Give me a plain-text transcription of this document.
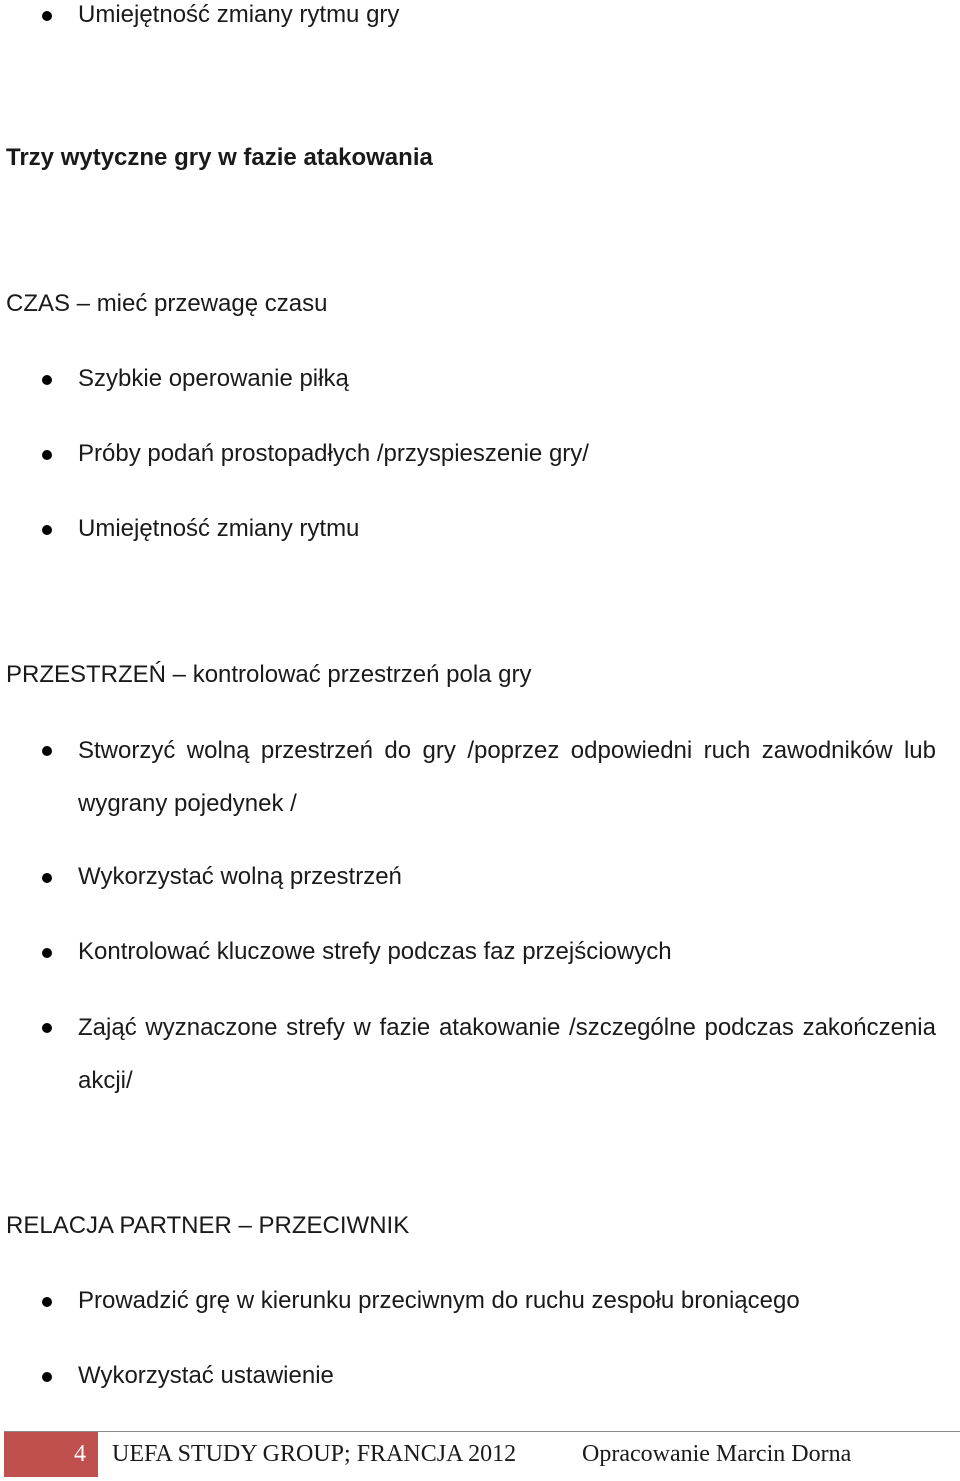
Umiejętność zmiany rytmu gry
Trzy wytyczne gry w fazie atakowania
CZAS – mieć przewagę czasu
Szybkie operowanie piłką
Próby podań prostopadłych /przyspieszenie gry/
Umiejętność zmiany rytmu
PRZESTRZEŃ – kontrolować przestrzeń pola gry
Stworzyć wolną przestrzeń do gry /poprzez odpowiedni ruch zawodników lub wygrany pojedynek /
Wykorzystać wolną przestrzeń
Kontrolować kluczowe strefy podczas faz przejściowych
Zająć wyznaczone strefy w fazie atakowanie /szczególne podczas zakończenia akcji/
RELACJA PARTNER – PRZECIWNIK
Prowadzić grę w kierunku przeciwnym do ruchu zespołu broniącego
Wykorzystać ustawienie
4 UEFA STUDY GROUP; FRANCJA 2012	Opracowanie Marcin Dorna
